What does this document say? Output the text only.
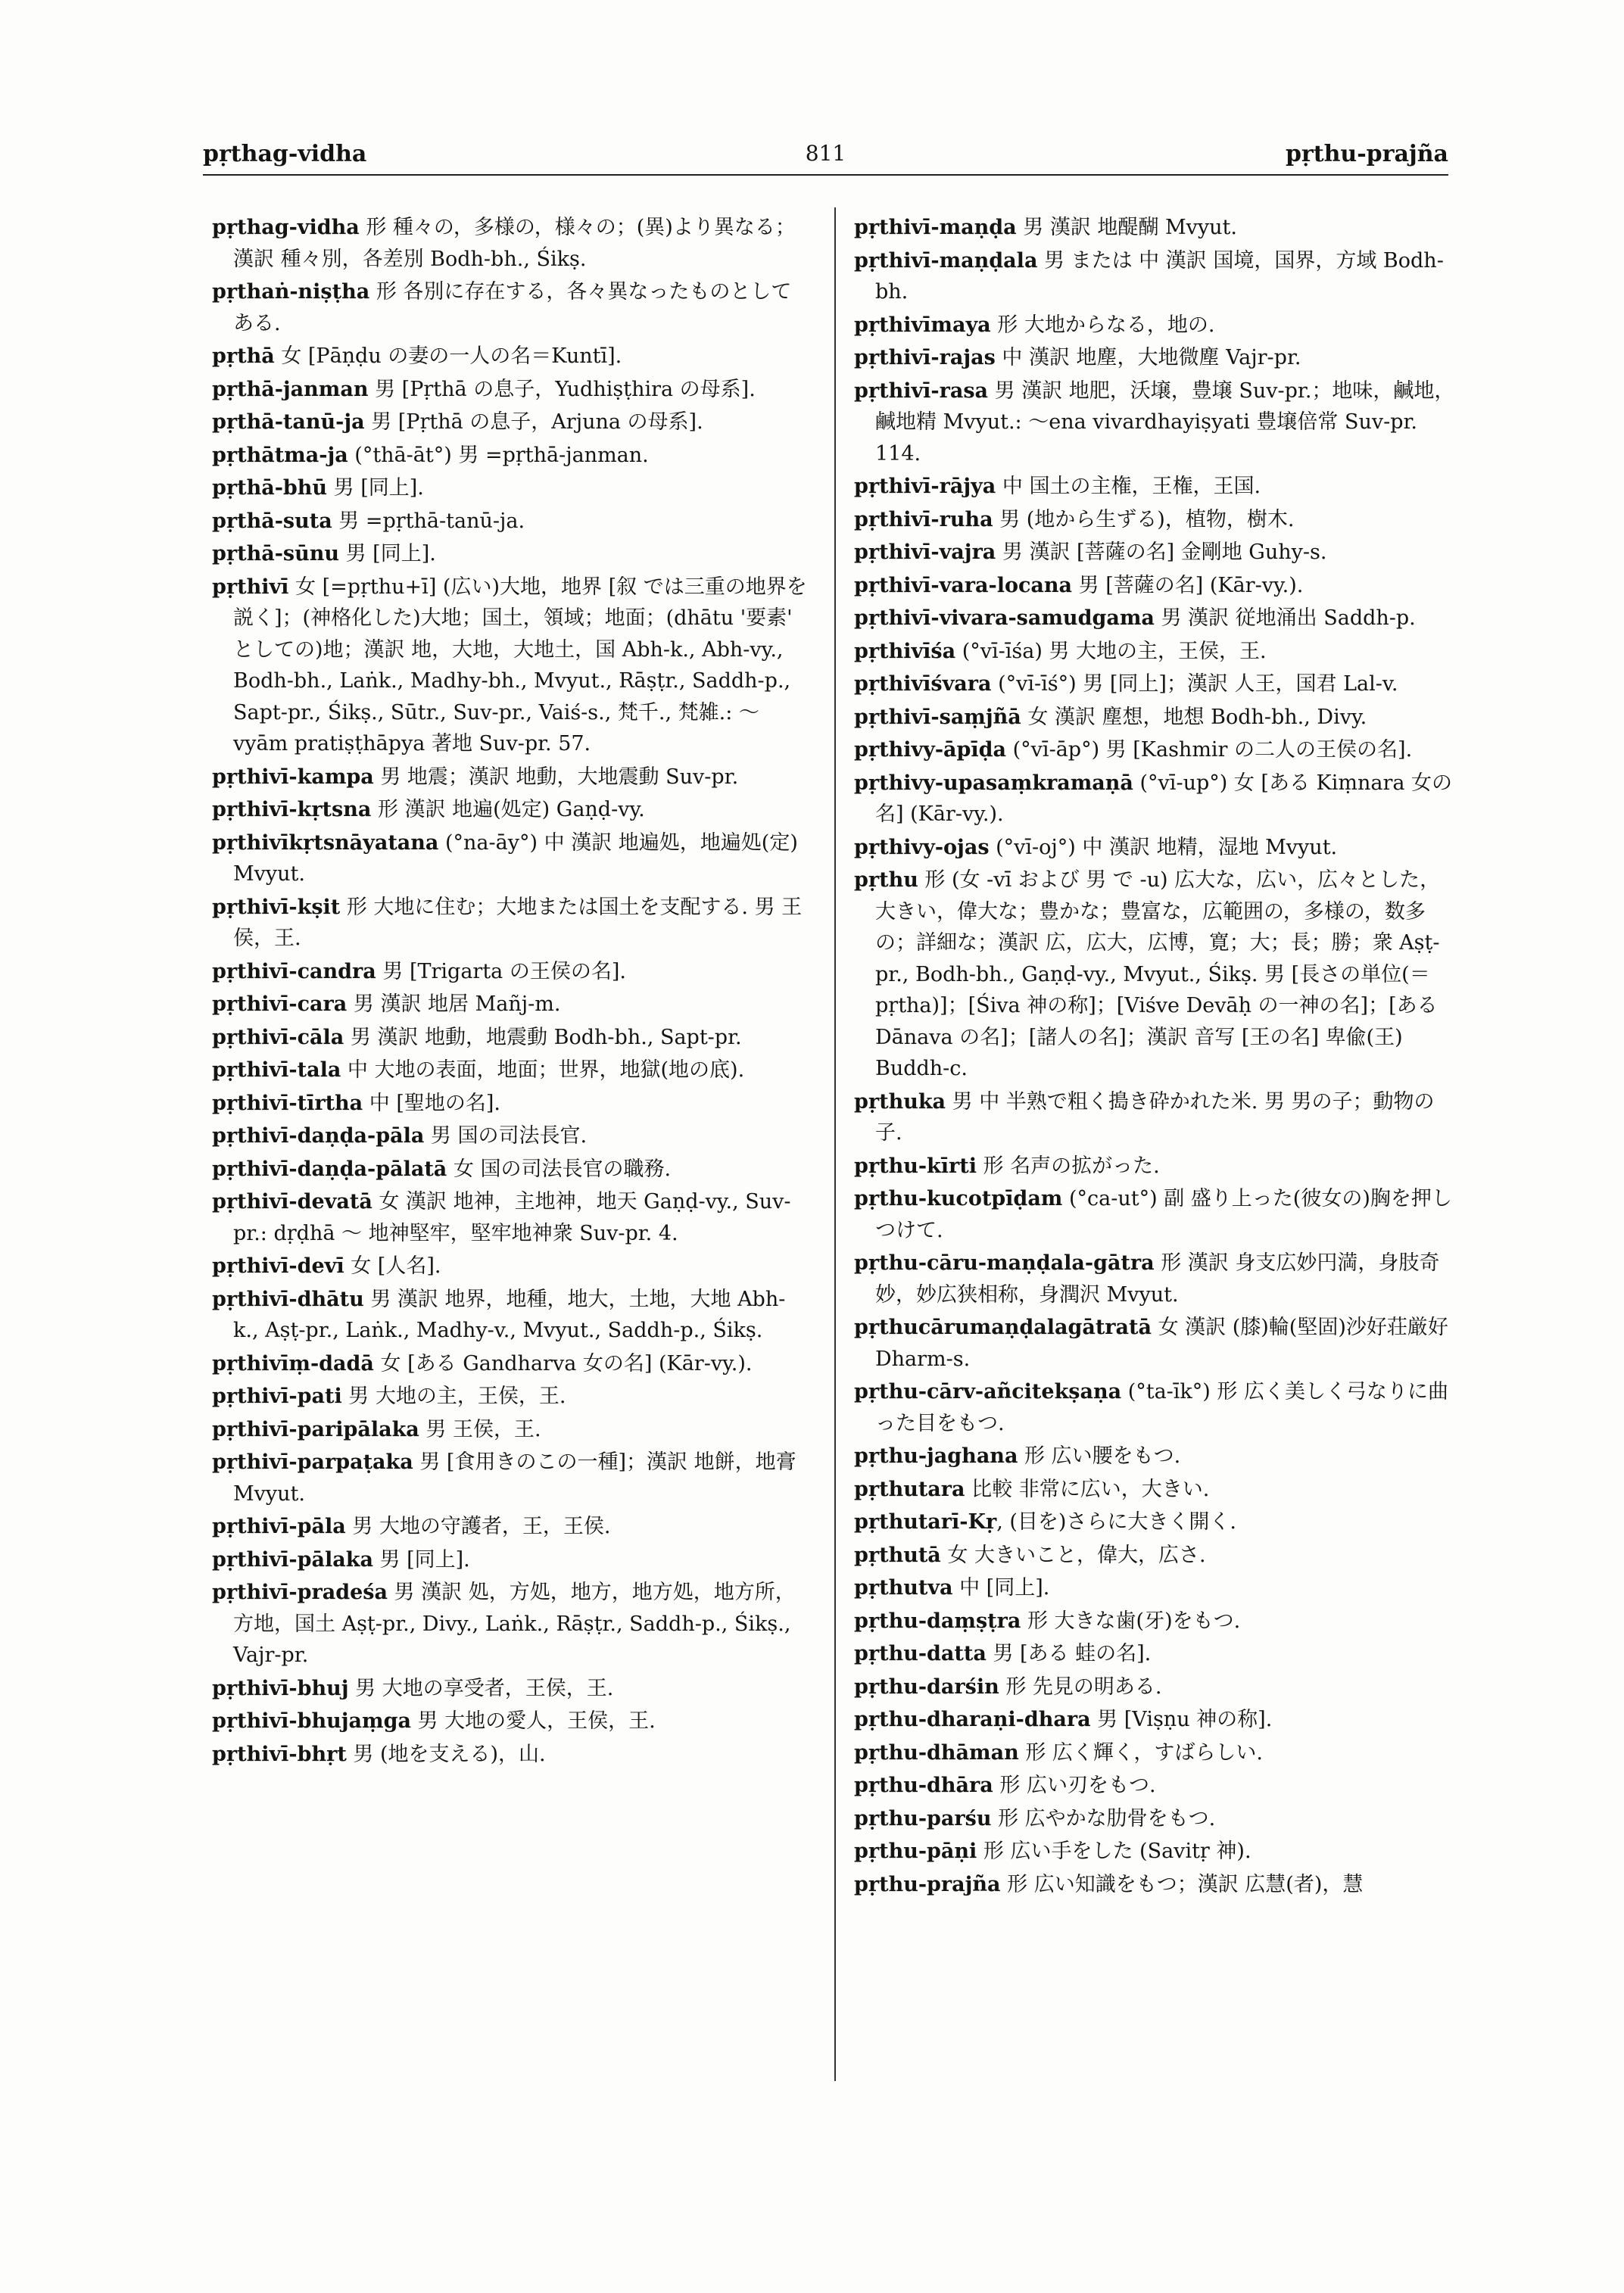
pṛthag-vidha	811	pṛthu-prajña

pṛthag-vidha 形 種々の，多様の，様々の；(異)より異なる；漢訳 種々別，各差別 Bodh-bh., Śikṣ.

pṛthaṅ-niṣṭha 形 各別に存在する，各々異なったものとしてある.

pṛthā 女 [Pāṇḍu の妻の一人の名＝Kuntī].

pṛthā-janman 男 [Pṛthā の息子，Yudhiṣṭhira の母系].

pṛthā-tanū-ja 男 [Pṛthā の息子，Arjuna の母系].

pṛthātma-ja (°thā-āt°) 男 =pṛthā-janman.

pṛthā-bhū 男 [同上].

pṛthā-suta 男 =pṛthā-tanū-ja.

pṛthā-sūnu 男 [同上].

pṛthivī 女 [=pṛthu+ī] (広い)大地，地界 [叙 では三重の地界を説く]；(神格化した)大地；国土，領域；地面；(dhātu '要素' としての)地；漢訳 地，大地，大地土，国 Abh-k., Abh-vy., Bodh-bh., Laṅk., Madhy-bh., Mvyut., Rāṣṭr., Saddh-p., Sapt-pr., Śikṣ., Sūtr., Suv-pr., Vaiś-s., 梵千., 梵雑.: ～vyām pratiṣṭhāpya 著地 Suv-pr. 57.

pṛthivī-kampa 男 地震；漢訳 地動，大地震動 Suv-pr.

pṛthivī-kṛtsna 形 漢訳 地遍(処定) Gaṇḍ-vy.

pṛthivīkṛtsnāyatana (°na-āy°) 中 漢訳 地遍処，地遍処(定) Mvyut.

pṛthivī-kṣit 形 大地に住む；大地または国土を支配する. 男 王侯，王.

pṛthivī-candra 男 [Trigarta の王侯の名].

pṛthivī-cara 男 漢訳 地居 Mañj-m.

pṛthivī-cāla 男 漢訳 地動，地震動 Bodh-bh., Sapt-pr.

pṛthivī-tala 中 大地の表面，地面；世界，地獄(地の底).

pṛthivī-tīrtha 中 [聖地の名].

pṛthivī-daṇḍa-pāla 男 国の司法長官.

pṛthivī-daṇḍa-pālatā 女 国の司法長官の職務.

pṛthivī-devatā 女 漢訳 地神，主地神，地天 Gaṇḍ-vy., Suv-pr.: dṛḍhā ～ 地神堅牢，堅牢地神衆 Suv-pr. 4.

pṛthivī-devī 女 [人名].

pṛthivī-dhātu 男 漢訳 地界，地種，地大，土地，大地 Abh-k., Aṣṭ-pr., Laṅk., Madhy-v., Mvyut., Saddh-p., Śikṣ.

pṛthivīṃ-dadā 女 [ある Gandharva 女の名] (Kār-vy.).

pṛthivī-pati 男 大地の主，王侯，王.

pṛthivī-paripālaka 男 王侯，王.

pṛthivī-parpaṭaka 男 [食用きのこの一種]；漢訳 地餅，地膏 Mvyut.

pṛthivī-pāla 男 大地の守護者，王，王侯.

pṛthivī-pālaka 男 [同上].

pṛthivī-pradeśa 男 漢訳 処，方処，地方，地方処，地方所，方地，国土 Aṣṭ-pr., Divy., Laṅk., Rāṣṭr., Saddh-p., Śikṣ., Vajr-pr.

pṛthivī-bhuj 男 大地の享受者，王侯，王.

pṛthivī-bhujaṃga 男 大地の愛人，王侯，王.

pṛthivī-bhṛt 男 (地を支える)，山.

pṛthivī-maṇḍa 男 漢訳 地醍醐 Mvyut.

pṛthivī-maṇḍala 男 または 中 漢訳 国境，国界，方域 Bodh-bh.

pṛthivīmaya 形 大地からなる，地の.

pṛthivī-rajas 中 漢訳 地塵，大地微塵 Vajr-pr.

pṛthivī-rasa 男 漢訳 地肥，沃壌，豊壌 Suv-pr.；地味，鹹地，鹹地精 Mvyut.: ～ena vivardhayiṣyati 豊壌倍常 Suv-pr. 114.

pṛthivī-rājya 中 国土の主権，王権，王国.

pṛthivī-ruha 男 (地から生ずる)，植物，樹木.

pṛthivī-vajra 男 漢訳 [菩薩の名] 金剛地 Guhy-s.

pṛthivī-vara-locana 男 [菩薩の名] (Kār-vy.).

pṛthivī-vivara-samudgama 男 漢訳 従地涌出 Saddh-p.

pṛthivīśa (°vī-īśa) 男 大地の主，王侯，王.

pṛthivīśvara (°vī-īś°) 男 [同上]；漢訳 人王，国君 Lal-v.

pṛthivī-saṃjñā 女 漢訳 塵想，地想 Bodh-bh., Divy.

pṛthivy-āpīḍa (°vī-āp°) 男 [Kashmir の二人の王侯の名].

pṛthivy-upasaṃkramaṇā (°vī-up°) 女 [ある Kiṃnara 女の名] (Kār-vy.).

pṛthivy-ojas (°vī-oj°) 中 漢訳 地精，湿地 Mvyut.

pṛthu 形 (女 -vī および 男 で -u) 広大な，広い，広々とした，大きい，偉大な；豊かな；豊富な，広範囲の，多様の，数多の；詳細な；漢訳 広，広大，広博，寛；大；長；勝；衆 Aṣṭ-pr., Bodh-bh., Gaṇḍ-vy., Mvyut., Śikṣ. 男 [長さの単位(＝pṛtha)]；[Śiva 神の称]；[Viśve Devāḥ の一神の名]；[ある Dānava の名]；[諸人の名]；漢訳 音写 [王の名] 卑偸(王) Buddh-c.

pṛthuka 男 中 半熟で粗く搗き砕かれた米. 男 男の子；動物の子.

pṛthu-kīrti 形 名声の拡がった.

pṛthu-kucotpīḍam (°ca-ut°) 副 盛り上った(彼女の)胸を押しつけて.

pṛthu-cāru-maṇḍala-gātra 形 漢訳 身支広妙円満，身肢奇妙，妙広狭相称，身潤沢 Mvyut.

pṛthucārumaṇḍalagātratā 女 漢訳 (膝)輪(堅固)沙好荘厳好 Dharm-s.

pṛthu-cārv-añcitekṣaṇa (°ta-īk°) 形 広く美しく弓なりに曲った目をもつ.

pṛthu-jaghana 形 広い腰をもつ.

pṛthutara 比較 非常に広い，大きい.

pṛthutarī-Kṛ, (目を)さらに大きく開く.

pṛthutā 女 大きいこと，偉大，広さ.

pṛthutva 中 [同上].

pṛthu-daṃṣṭra 形 大きな歯(牙)をもつ.

pṛthu-datta 男 [ある 蛙の名].

pṛthu-darśin 形 先見の明ある.

pṛthu-dharaṇi-dhara 男 [Viṣṇu 神の称].

pṛthu-dhāman 形 広く輝く，すばらしい.

pṛthu-dhāra 形 広い刃をもつ.

pṛthu-parśu 形 広やかな肋骨をもつ.

pṛthu-pāṇi 形 広い手をした (Savitṛ 神).

pṛthu-prajña 形 広い知識をもつ；漢訳 広慧(者)，慧
